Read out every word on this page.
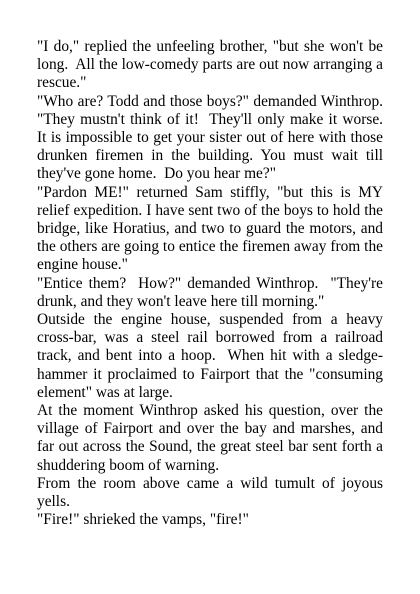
"I do," replied the unfeeling brother, "but she won't be long.  All the low-comedy parts are out now arranging a rescue."

"Who are? Todd and those boys?" demanded Winthrop.  "They mustn't think of it!  They'll only make it worse.  It is impossible to get your sister out of here with those drunken firemen in the building. You must wait till they've gone home.  Do you hear me?"

"Pardon ME!" returned Sam stiffly, "but this is MY relief expedition. I have sent two of the boys to hold the bridge, like Horatius, and two to guard the motors, and the others are going to entice the firemen away from the engine house."

"Entice them?  How?" demanded Winthrop.  "They're drunk, and they won't leave here till morning."

Outside the engine house, suspended from a heavy cross-bar, was a steel rail borrowed from a railroad track, and bent into a hoop.  When hit with a sledge-hammer it proclaimed to Fairport that the "consuming element" was at large.

At the moment Winthrop asked his question, over the village of Fairport and over the bay and marshes, and far out across the Sound, the great steel bar sent forth a shuddering boom of warning.

From the room above came a wild tumult of joyous yells.

"Fire!" shrieked the vamps, "fire!"
